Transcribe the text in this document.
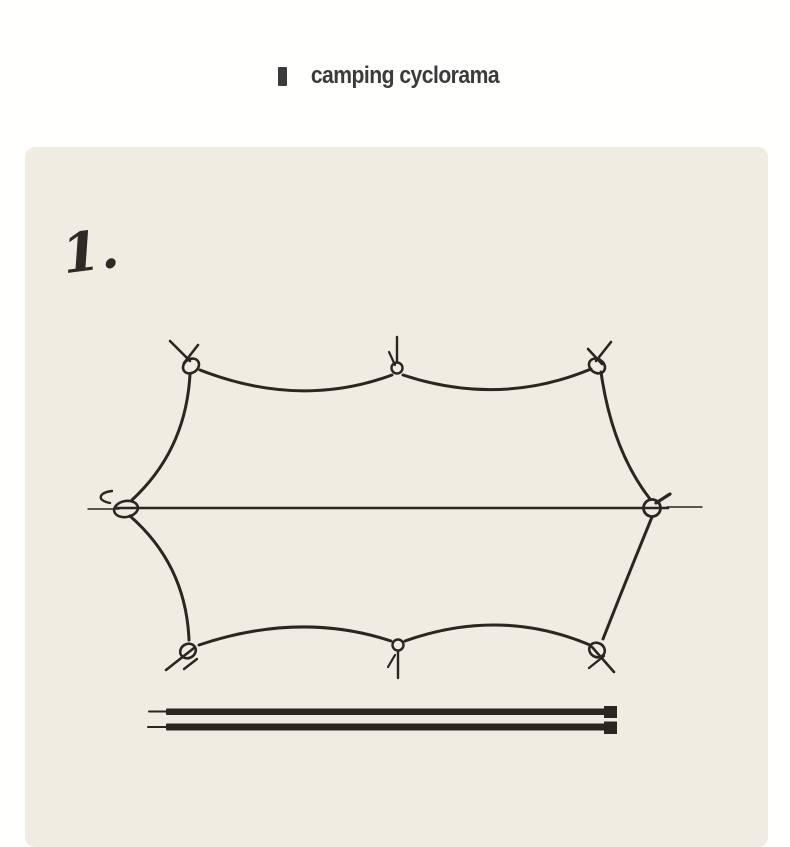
camping cyclorama
1.
